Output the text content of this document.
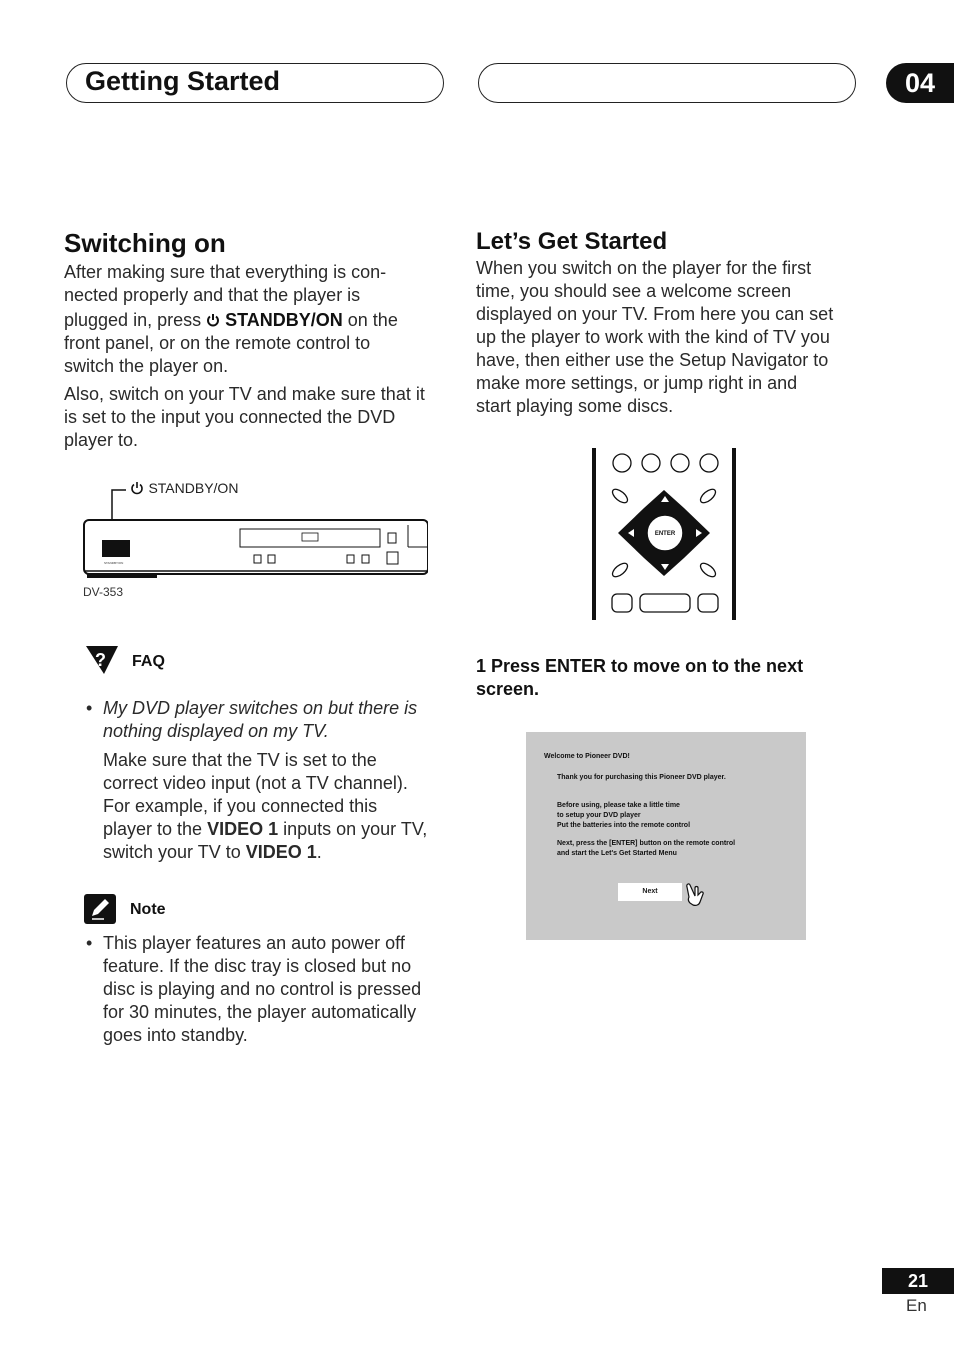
Getting Started	04
Switching on
After making sure that everything is con-
nected properly and that the player is
plugged in, press  STANDBY/ON on the
front panel, or on the remote control to
switch the player on.
Also, switch on your TV and make sure that it
is set to the input you connected the DVD
player to.
STANDBY/ON
STANDBY/ON
DV-353
? FAQ
• My DVD player switches on but there is
nothing displayed on my TV.
Make sure that the TV is set to the
correct video input (not a TV channel).
For example, if you connected this
player to the VIDEO 1 inputs on your TV,
switch your TV to VIDEO 1.
Note
• This player features an auto power off
feature. If the disc tray is closed but no
disc is playing and no control is pressed
for 30 minutes, the player automatically
goes into standby.
Let’s Get Started
When you switch on the player for the first
time, you should see a welcome screen
displayed on your TV. From here you can set
up the player to work with the kind of TV you
have, then either use the Setup Navigator to
make more settings, or jump right in and
start playing some discs.
ENTER
1 Press ENTER to move on to the next
screen.
Welcome to Pioneer DVD!
Thank you for purchasing this Pioneer DVD player.
Before using, please take a little time
to setup your DVD player
Put the batteries into the remote control
Next, press the [ENTER] button on the remote control
and start the Let's Get Started Menu
Next
21
En
